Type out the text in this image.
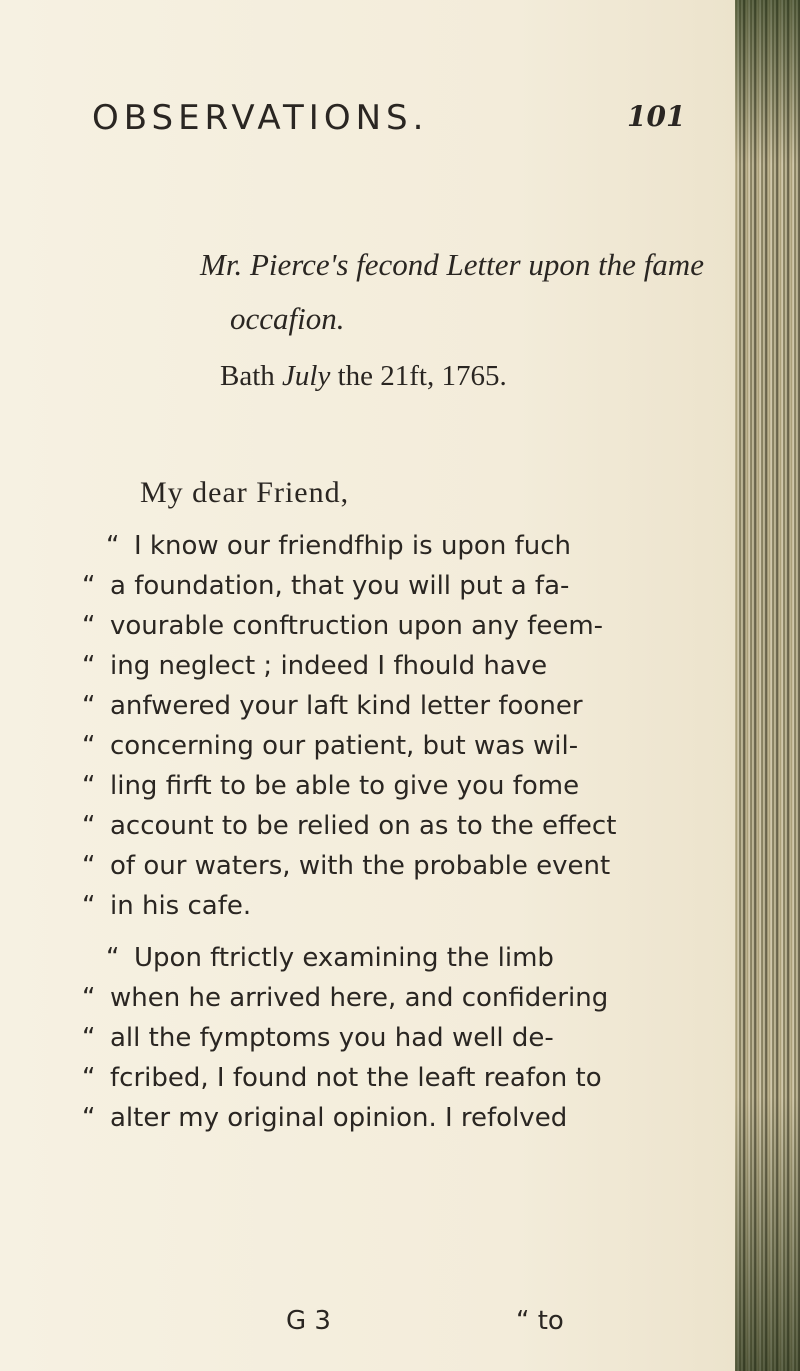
OBSERVATIONS.	101
Mr. Pierce's fecond Letter upon the fame
occafion.
Bath July the 21ft, 1765.
My dear Friend,
“ I know our friendfhip is upon fuch
“ a foundation, that you will put a fa-
“ vourable conftruction upon any feem-
“ ing neglect ; indeed I fhould have
“ anfwered your laft kind letter fooner
“ concerning our patient, but was wil-
“ ling firft to be able to give you fome
“ account to be relied on as to the effect
“ of our waters, with the probable event
“ in his cafe.
“ Upon ftrictly examining the limb
“ when he arrived here, and confidering
“ all the fymptoms you had well de-
“ fcribed, I found not the leaft reafon to
“ alter my original opinion. I refolved
G 3	“ to
